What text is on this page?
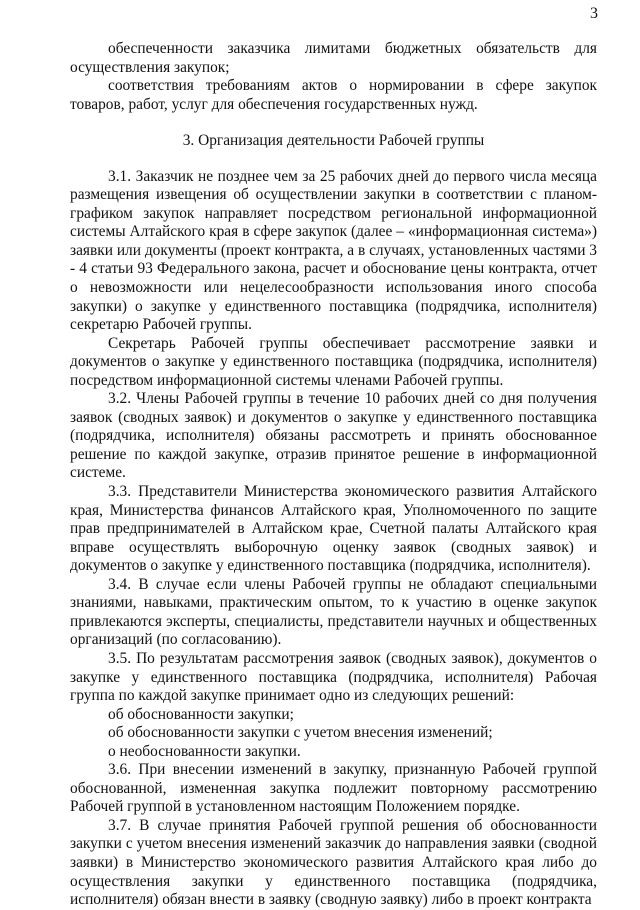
3

обеспеченности заказчика лимитами бюджетных обязательств для осуществления закупок;

соответствия требованиям актов о нормировании в сфере закупок товаров, работ, услуг для обеспечения государственных нужд.

3. Организация деятельности Рабочей группы

3.1. Заказчик не позднее чем за 25 рабочих дней до первого числа месяца размещения извещения об осуществлении закупки в соответствии с планом-графиком закупок направляет посредством региональной информационной системы Алтайского края в сфере закупок (далее – «информационная система») заявки или документы (проект контракта, а в случаях, установленных частями 3 - 4 статьи 93 Федерального закона, расчет и обоснование цены контракта, отчет о невозможности или нецелесообразности использования иного способа закупки) о закупке у единственного поставщика (подрядчика, исполнителя) секретарю Рабочей группы.

Секретарь Рабочей группы обеспечивает рассмотрение заявки и документов о закупке у единственного поставщика (подрядчика, исполнителя) посредством информационной системы членами Рабочей группы.

3.2. Члены Рабочей группы в течение 10 рабочих дней со дня получения заявок (сводных заявок) и документов о закупке у единственного поставщика (подрядчика, исполнителя) обязаны рассмотреть и принять обоснованное решение по каждой закупке, отразив принятое решение в информационной системе.

3.3. Представители Министерства экономического развития Алтайского края, Министерства финансов Алтайского края, Уполномоченного по защите прав предпринимателей в Алтайском крае, Счетной палаты Алтайского края вправе осуществлять выборочную оценку заявок (сводных заявок) и документов о закупке у единственного поставщика (подрядчика, исполнителя).

3.4. В случае если члены Рабочей группы не обладают специальными знаниями, навыками, практическим опытом, то к участию в оценке закупок привлекаются эксперты, специалисты, представители научных и общественных организаций (по согласованию).

3.5. По результатам рассмотрения заявок (сводных заявок), документов о закупке у единственного поставщика (подрядчика, исполнителя) Рабочая группа по каждой закупке принимает одно из следующих решений:

об обоснованности закупки;

об обоснованности закупки с учетом внесения изменений;

о необоснованности закупки.

3.6. При внесении изменений в закупку, признанную Рабочей группой обоснованной, измененная закупка подлежит повторному рассмотрению Рабочей группой в установленном настоящим Положением порядке.

3.7. В случае принятия Рабочей группой решения об обоснованности закупки с учетом внесения изменений заказчик до направления заявки (сводной заявки) в Министерство экономического развития Алтайского края либо до осуществления закупки у единственного поставщика (подрядчика, исполнителя) обязан внести в заявку (сводную заявку) либо в проект контракта
